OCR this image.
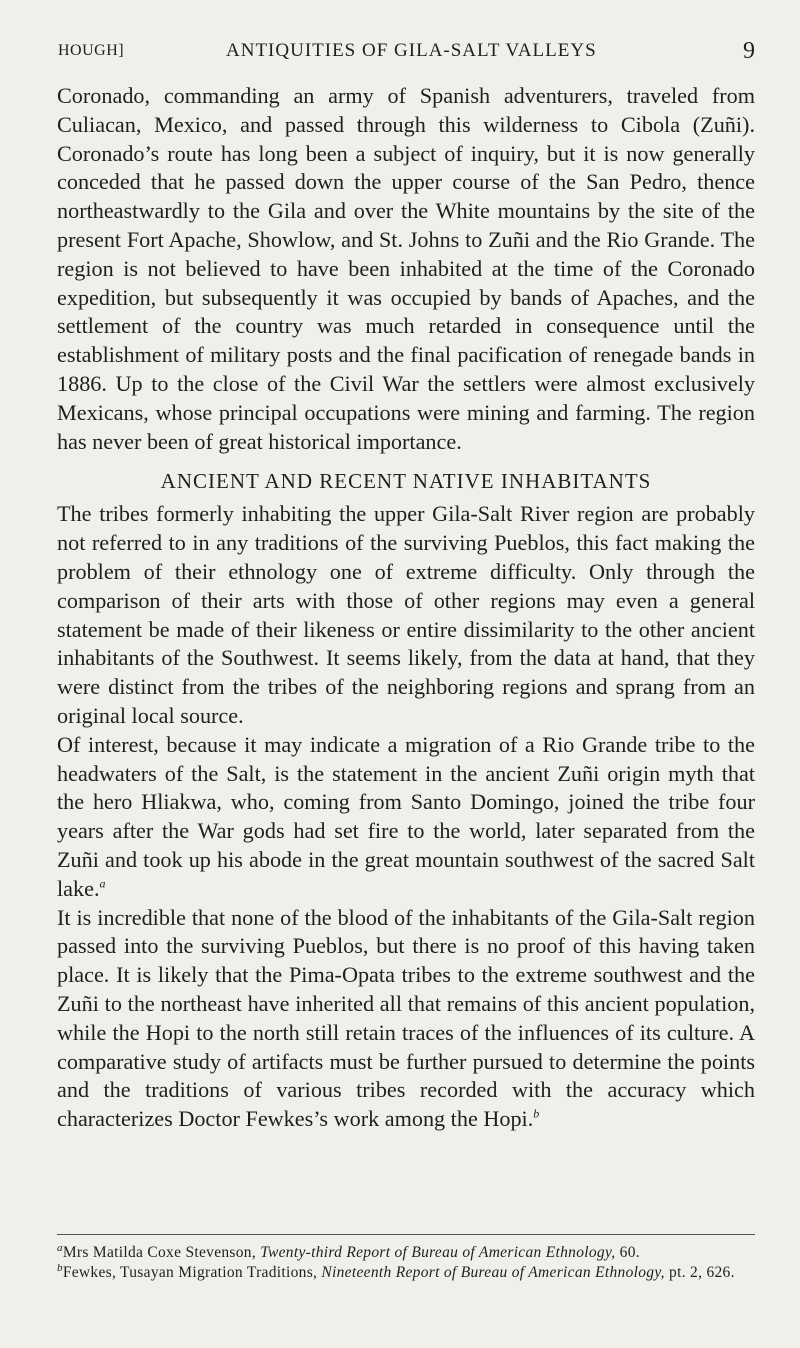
HOUGH]	ANTIQUITIES OF GILA-SALT VALLEYS	9

Coronado, commanding an army of Spanish adventurers, traveled from Culiacan, Mexico, and passed through this wilderness to Cibola (Zuñi). Coronado’s route has long been a subject of inquiry, but it is now generally conceded that he passed down the upper course of the San Pedro, thence northeastwardly to the Gila and over the White mountains by the site of the present Fort Apache, Showlow, and St. Johns to Zuñi and the Rio Grande. The region is not believed to have been inhabited at the time of the Coronado expedition, but subsequently it was occupied by bands of Apaches, and the settlement of the country was much retarded in consequence until the establishment of military posts and the final pacification of renegade bands in 1886. Up to the close of the Civil War the settlers were almost exclusively Mexicans, whose principal occupations were mining and farming. The region has never been of great historical importance.

ANCIENT AND RECENT NATIVE INHABITANTS

The tribes formerly inhabiting the upper Gila-Salt River region are probably not referred to in any traditions of the surviving Pueblos, this fact making the problem of their ethnology one of extreme difficulty. Only through the comparison of their arts with those of other regions may even a general statement be made of their likeness or entire dissimilarity to the other ancient inhabitants of the Southwest. It seems likely, from the data at hand, that they were distinct from the tribes of the neighboring regions and sprang from an original local source.

Of interest, because it may indicate a migration of a Rio Grande tribe to the headwaters of the Salt, is the statement in the ancient Zuñi origin myth that the hero Hliakwa, who, coming from Santo Domingo, joined the tribe four years after the War gods had set fire to the world, later separated from the Zuñi and took up his abode in the great mountain southwest of the sacred Salt lake.$^a$

It is incredible that none of the blood of the inhabitants of the Gila-Salt region passed into the surviving Pueblos, but there is no proof of this having taken place. It is likely that the Pima-Opata tribes to the extreme southwest and the Zuñi to the northeast have inherited all that remains of this ancient population, while the Hopi to the north still retain traces of the influences of its culture. A comparative study of artifacts must be further pursued to determine the points and the traditions of various tribes recorded with the accuracy which characterizes Doctor Fewkes’s work among the Hopi.$^b$

$^a$Mrs Matilda Coxe Stevenson, Twenty-third Report of Bureau of American Ethnology, 60.

$^b$Fewkes, Tusayan Migration Traditions, Nineteenth Report of Bureau of American Ethnology, pt. 2, 626.
